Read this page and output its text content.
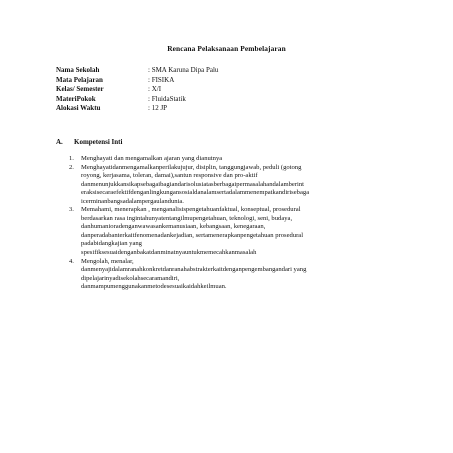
Rencana Pelaksanaan Pembelajaran
Nama Sekolah	: SMA Karuna Dipa Palu
Mata Pelajaran	: FISIKA
Kelas/ Semester	: X/I
MateriPokok	: FluidaStatik
Alokasi Waktu	: 12 JP
A. Kompetensi Inti
1.	Menghayati dan mengamalkan ajaran yang dianutnya
2.	Menghayatidanmengamalkanperilakujujur, disiplin, tanggungjawab, peduli (gotong
royong, kerjasama, toleran, damai),santun responsive dan pro-aktif
danmenunjukkansikapsebagaibagiandarisolusiatasberbagaipermasalahandalamberint
eraksisecaraefektifdenganlingkungansosialdanalamsertadalammenempatkandirisebaga
icerminanbangsadalampergaulandunia.
3.	Memahami, menerapkan , menganalisispengetahuanfaktual, konseptual, prosedural
berdasarkan rasa ingintahunyatentangilmupengetahuan, teknologi, seni, budaya,
danhumanioradenganwawasankemanusiaan, kebangsaan, kenegaraan,
danperadabanterkaitfenomenadankejadian, sertamenerapkanpengetahuan prosedural
padabidangkajian yang
spesifiksesuaidenganbakatdanminatnyauntukmemecahkanmasalah
4.	Mengolah, menalar,
danmenyajidalamranahkonkretdanranahabstrakterkaitdenganpengembangandari yang
dipelajarinyadisekolahsecaramandiri,
danmampumenggunakanmetodesesuaikaidahkeilmuan.
